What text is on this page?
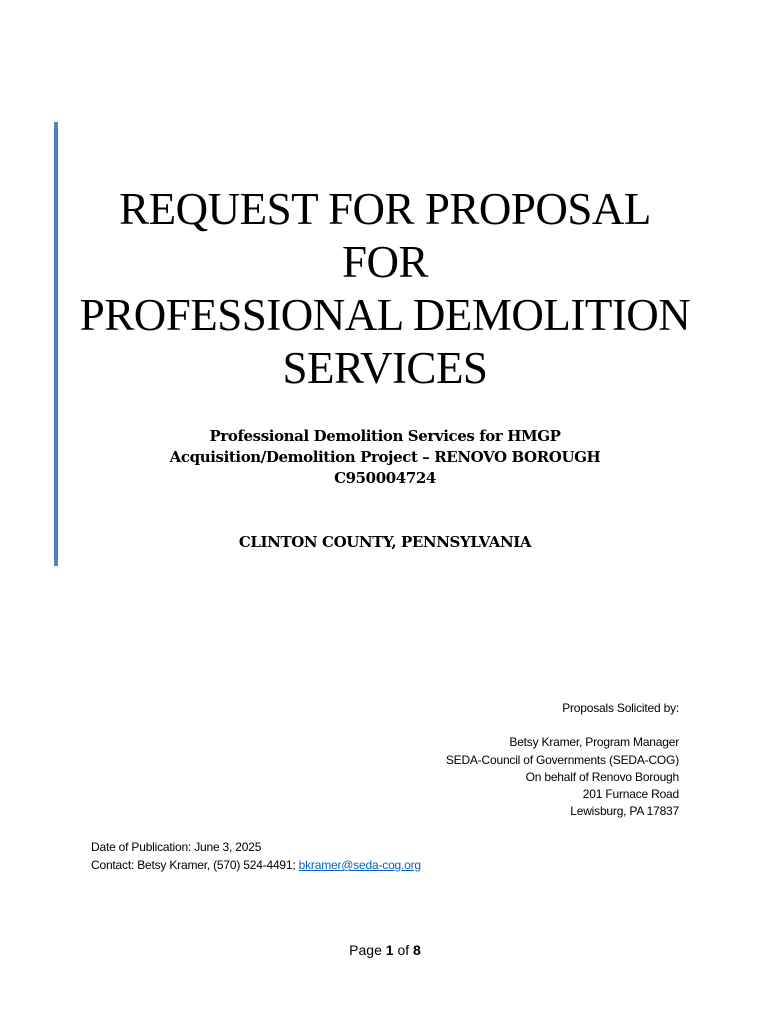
REQUEST FOR PROPOSAL
FOR
PROFESSIONAL DEMOLITION
SERVICES
Professional Demolition Services for HMGP
Acquisition/Demolition Project – RENOVO BOROUGH
C950004724
CLINTON COUNTY, PENNSYLVANIA
Proposals Solicited by:
Betsy Kramer, Program Manager
SEDA-Council of Governments (SEDA-COG)
On behalf of Renovo Borough
201 Furnace Road
Lewisburg, PA 17837
Date of Publication: June 3, 2025
Contact: Betsy Kramer, (570) 524-4491; bkramer@seda-cog.org
Page 1 of 8
